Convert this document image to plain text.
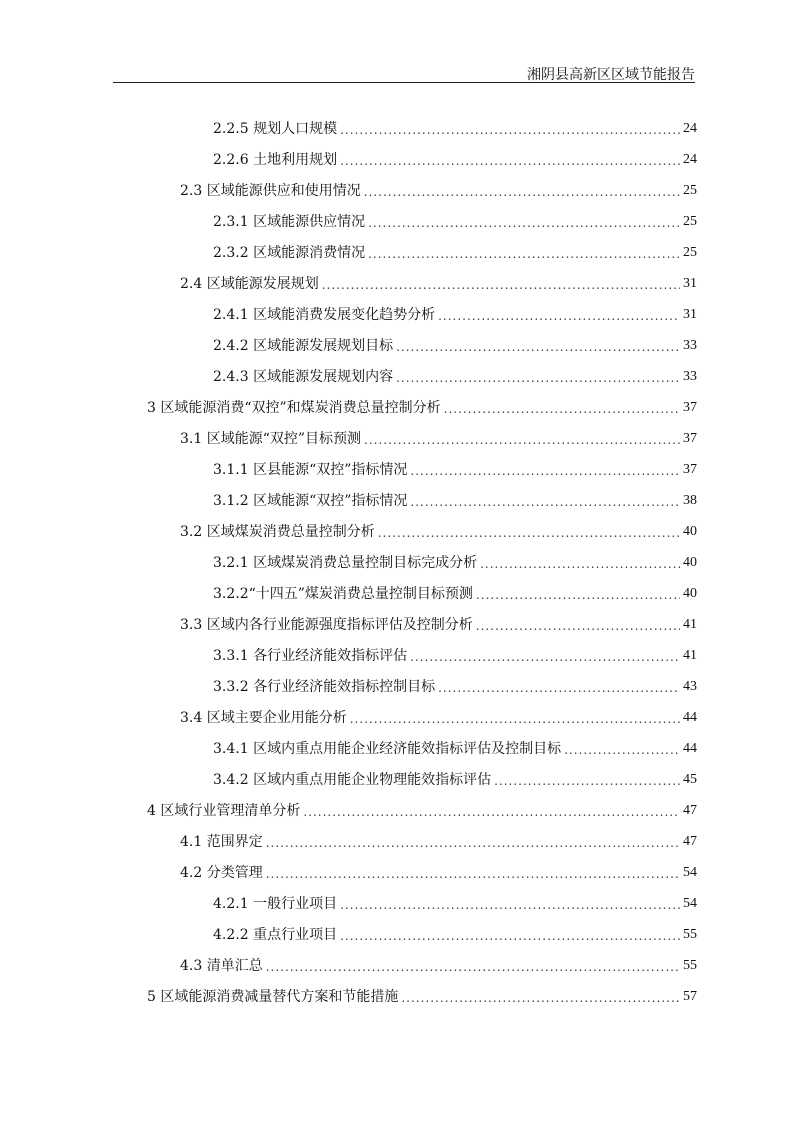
湘阴县高新区区域节能报告
2.2.5 规划人口规模 .....	24
2.2.6 土地利用规划 .....	24
2.3 区域能源供应和使用情况 .....	25
2.3.1 区域能源供应情况 .....	25
2.3.2 区域能源消费情况 .....	25
2.4 区域能源发展规划 .....	31
2.4.1 区域能消费发展变化趋势分析 .....	31
2.4.2 区域能源发展规划目标 .....	33
2.4.3 区域能源发展规划内容 .....	33
3 区域能源消费“双控”和煤炭消费总量控制分析 .....	37
3.1 区域能源“双控”目标预测 .....	37
3.1.1 区县能源“双控”指标情况 .....	37
3.1.2 区域能源“双控”指标情况 .....	38
3.2 区域煤炭消费总量控制分析 .....	40
3.2.1 区域煤炭消费总量控制目标完成分析 .....	40
3.2.2“十四五”煤炭消费总量控制目标预测 .....	40
3.3 区域内各行业能源强度指标评估及控制分析 .....	41
3.3.1 各行业经济能效指标评估 .....	41
3.3.2 各行业经济能效指标控制目标 .....	43
3.4 区域主要企业用能分析 .....	44
3.4.1 区域内重点用能企业经济能效指标评估及控制目标 .....	44
3.4.2 区域内重点用能企业物理能效指标评估 .....	45
4 区域行业管理清单分析 .....	47
4.1 范围界定 .....	47
4.2 分类管理 .....	54
4.2.1 一般行业项目 .....	54
4.2.2 重点行业项目 .....	55
4.3 清单汇总 .....	55
5 区域能源消费减量替代方案和节能措施 .....	57
